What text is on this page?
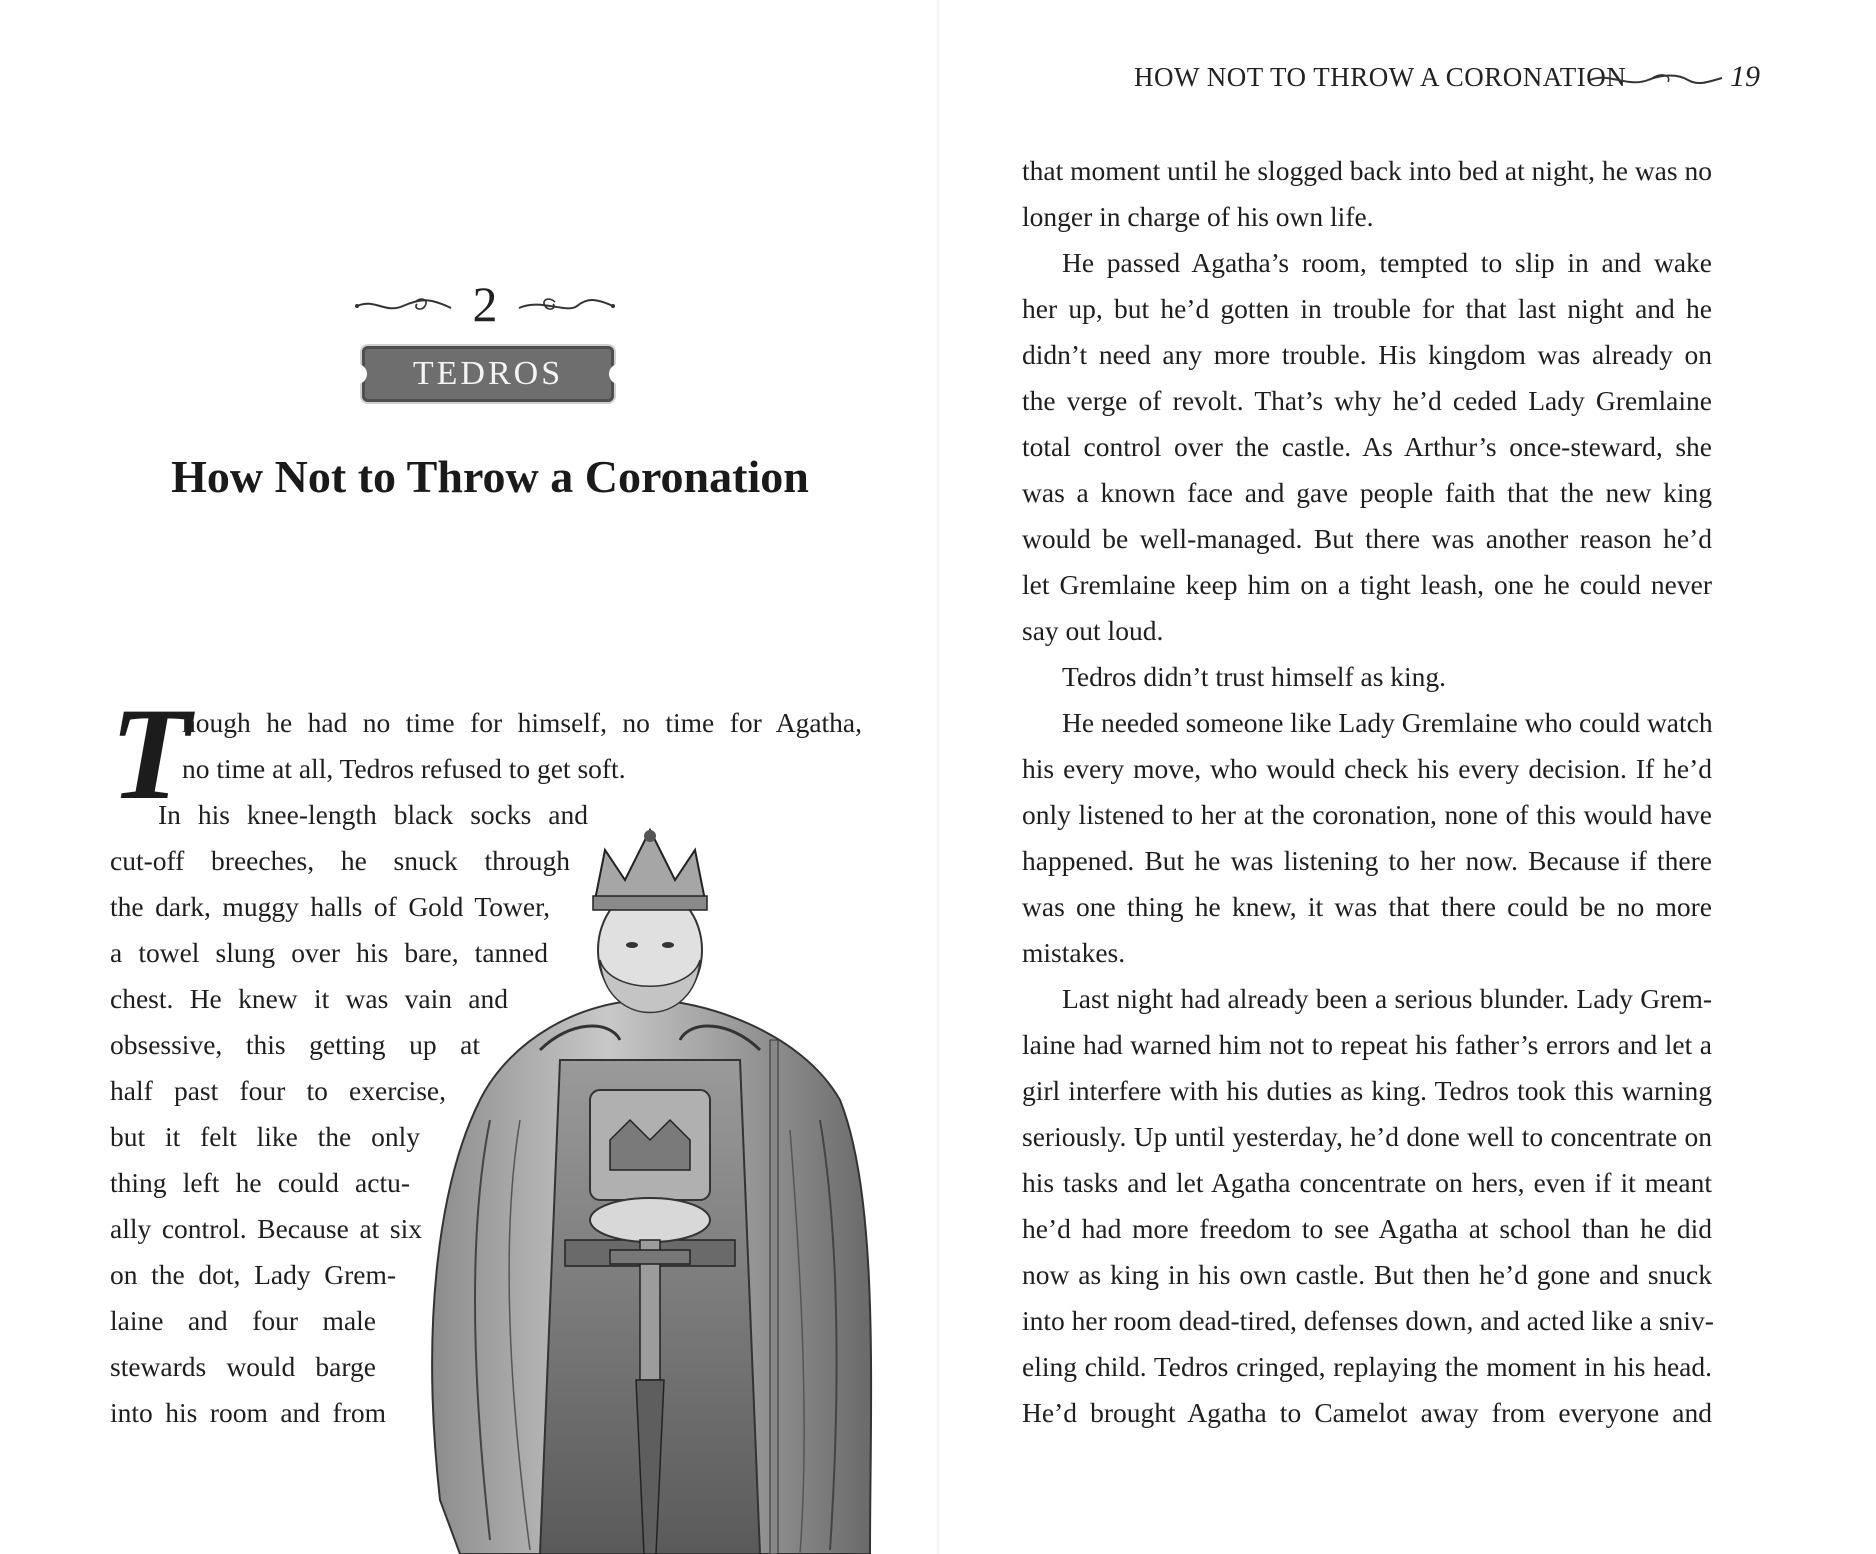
2
TEDROS
How Not to Throw a Coronation
T
hough he had no time for himself, no time for Agatha,
no time at all, Tedros refused to get soft.
In his knee-length black socks and
cut-off breeches, he snuck through
the dark, muggy halls of Gold Tower,
a towel slung over his bare, tanned
chest. He knew it was vain and
obsessive, this getting up at
half past four to exercise,
but it felt like the only
thing left he could actu-
ally control. Because at six
on the dot, Lady Grem-
laine and four male
stewards would barge
into his room and from
HOW NOT TO THROW A CORONATION	19
that moment until he slogged back into bed at night, he was no
longer in charge of his own life.
He passed Agatha’s room, tempted to slip in and wake
her up, but he’d gotten in trouble for that last night and he
didn’t need any more trouble. His kingdom was already on
the verge of revolt. That’s why he’d ceded Lady Gremlaine
total control over the castle. As Arthur’s once-steward, she
was a known face and gave people faith that the new king
would be well-managed. But there was another reason he’d
let Gremlaine keep him on a tight leash, one he could never
say out loud.
Tedros didn’t trust himself as king.
He needed someone like Lady Gremlaine who could watch
his every move, who would check his every decision. If he’d
only listened to her at the coronation, none of this would have
happened. But he was listening to her now. Because if there
was one thing he knew, it was that there could be no more
mistakes.
Last night had already been a serious blunder. Lady Grem-
laine had warned him not to repeat his father’s errors and let a
girl interfere with his duties as king. Tedros took this warning
seriously. Up until yesterday, he’d done well to concentrate on
his tasks and let Agatha concentrate on hers, even if it meant
he’d had more freedom to see Agatha at school than he did
now as king in his own castle. But then he’d gone and snuck
into her room dead-tired, defenses down, and acted like a sniv-
eling child. Tedros cringed, replaying the moment in his head.
He’d brought Agatha to Camelot away from everyone and
